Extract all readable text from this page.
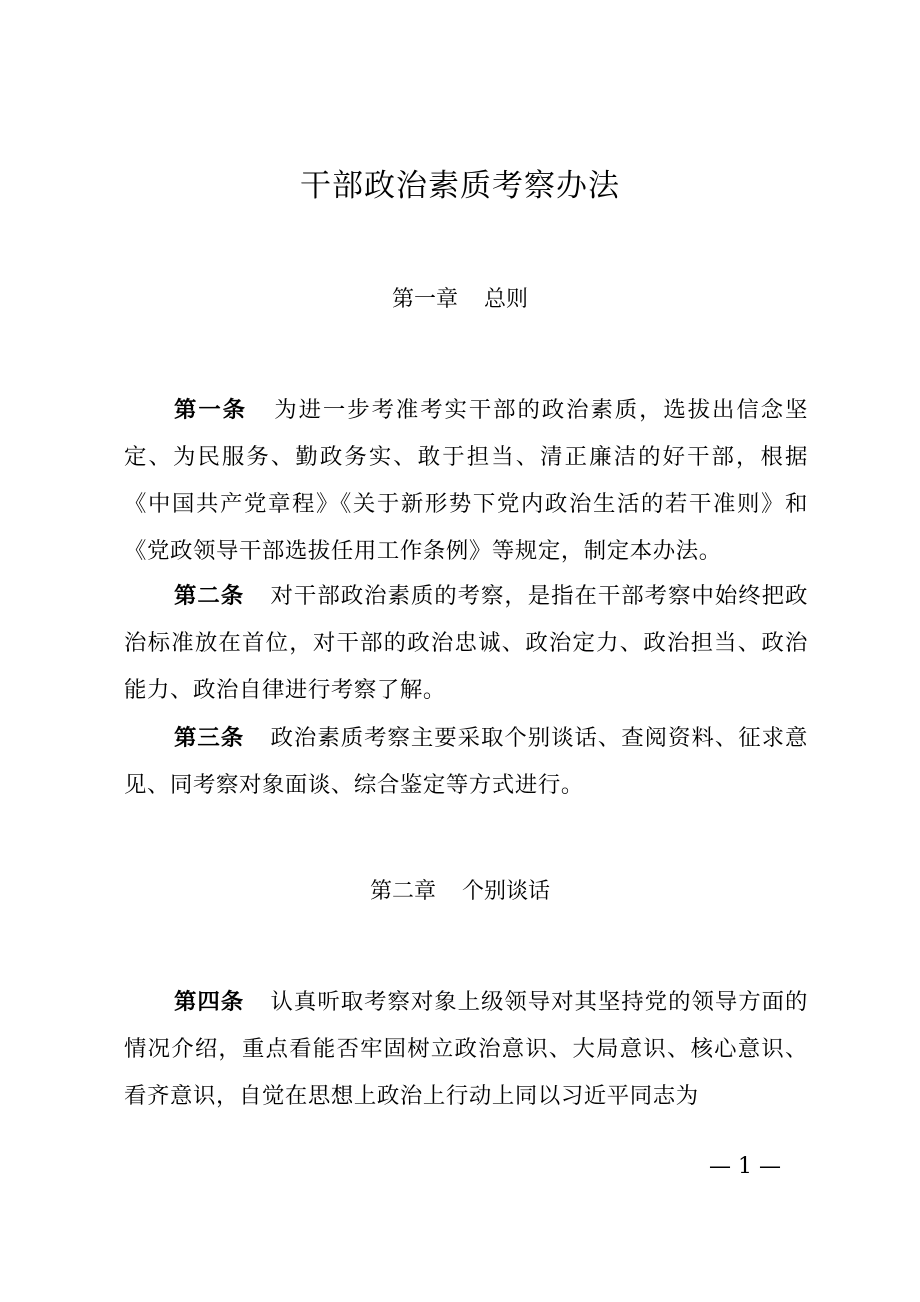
干部政治素质考察办法
第一章 总则

第一条 为进一步考准考实干部的政治素质，选拔出信念坚定、为民服务、勤政务实、敢于担当、清正廉洁的好干部，根据《中国共产党章程》《关于新形势下党内政治生活的若干准则》和《党政领导干部选拔任用工作条例》等规定，制定本办法。

第二条 对干部政治素质的考察，是指在干部考察中始终把政治标准放在首位，对干部的政治忠诚、政治定力、政治担当、政治能力、政治自律进行考察了解。

第三条 政治素质考察主要采取个别谈话、查阅资料、征求意见、同考察对象面谈、综合鉴定等方式进行。

第二章 个别谈话

第四条 认真听取考察对象上级领导对其坚持党的领导方面的情况介绍，重点看能否牢固树立政治意识、大局意识、核心意识、看齐意识，自觉在思想上政治上行动上同以习近平同志为

— 1 —
